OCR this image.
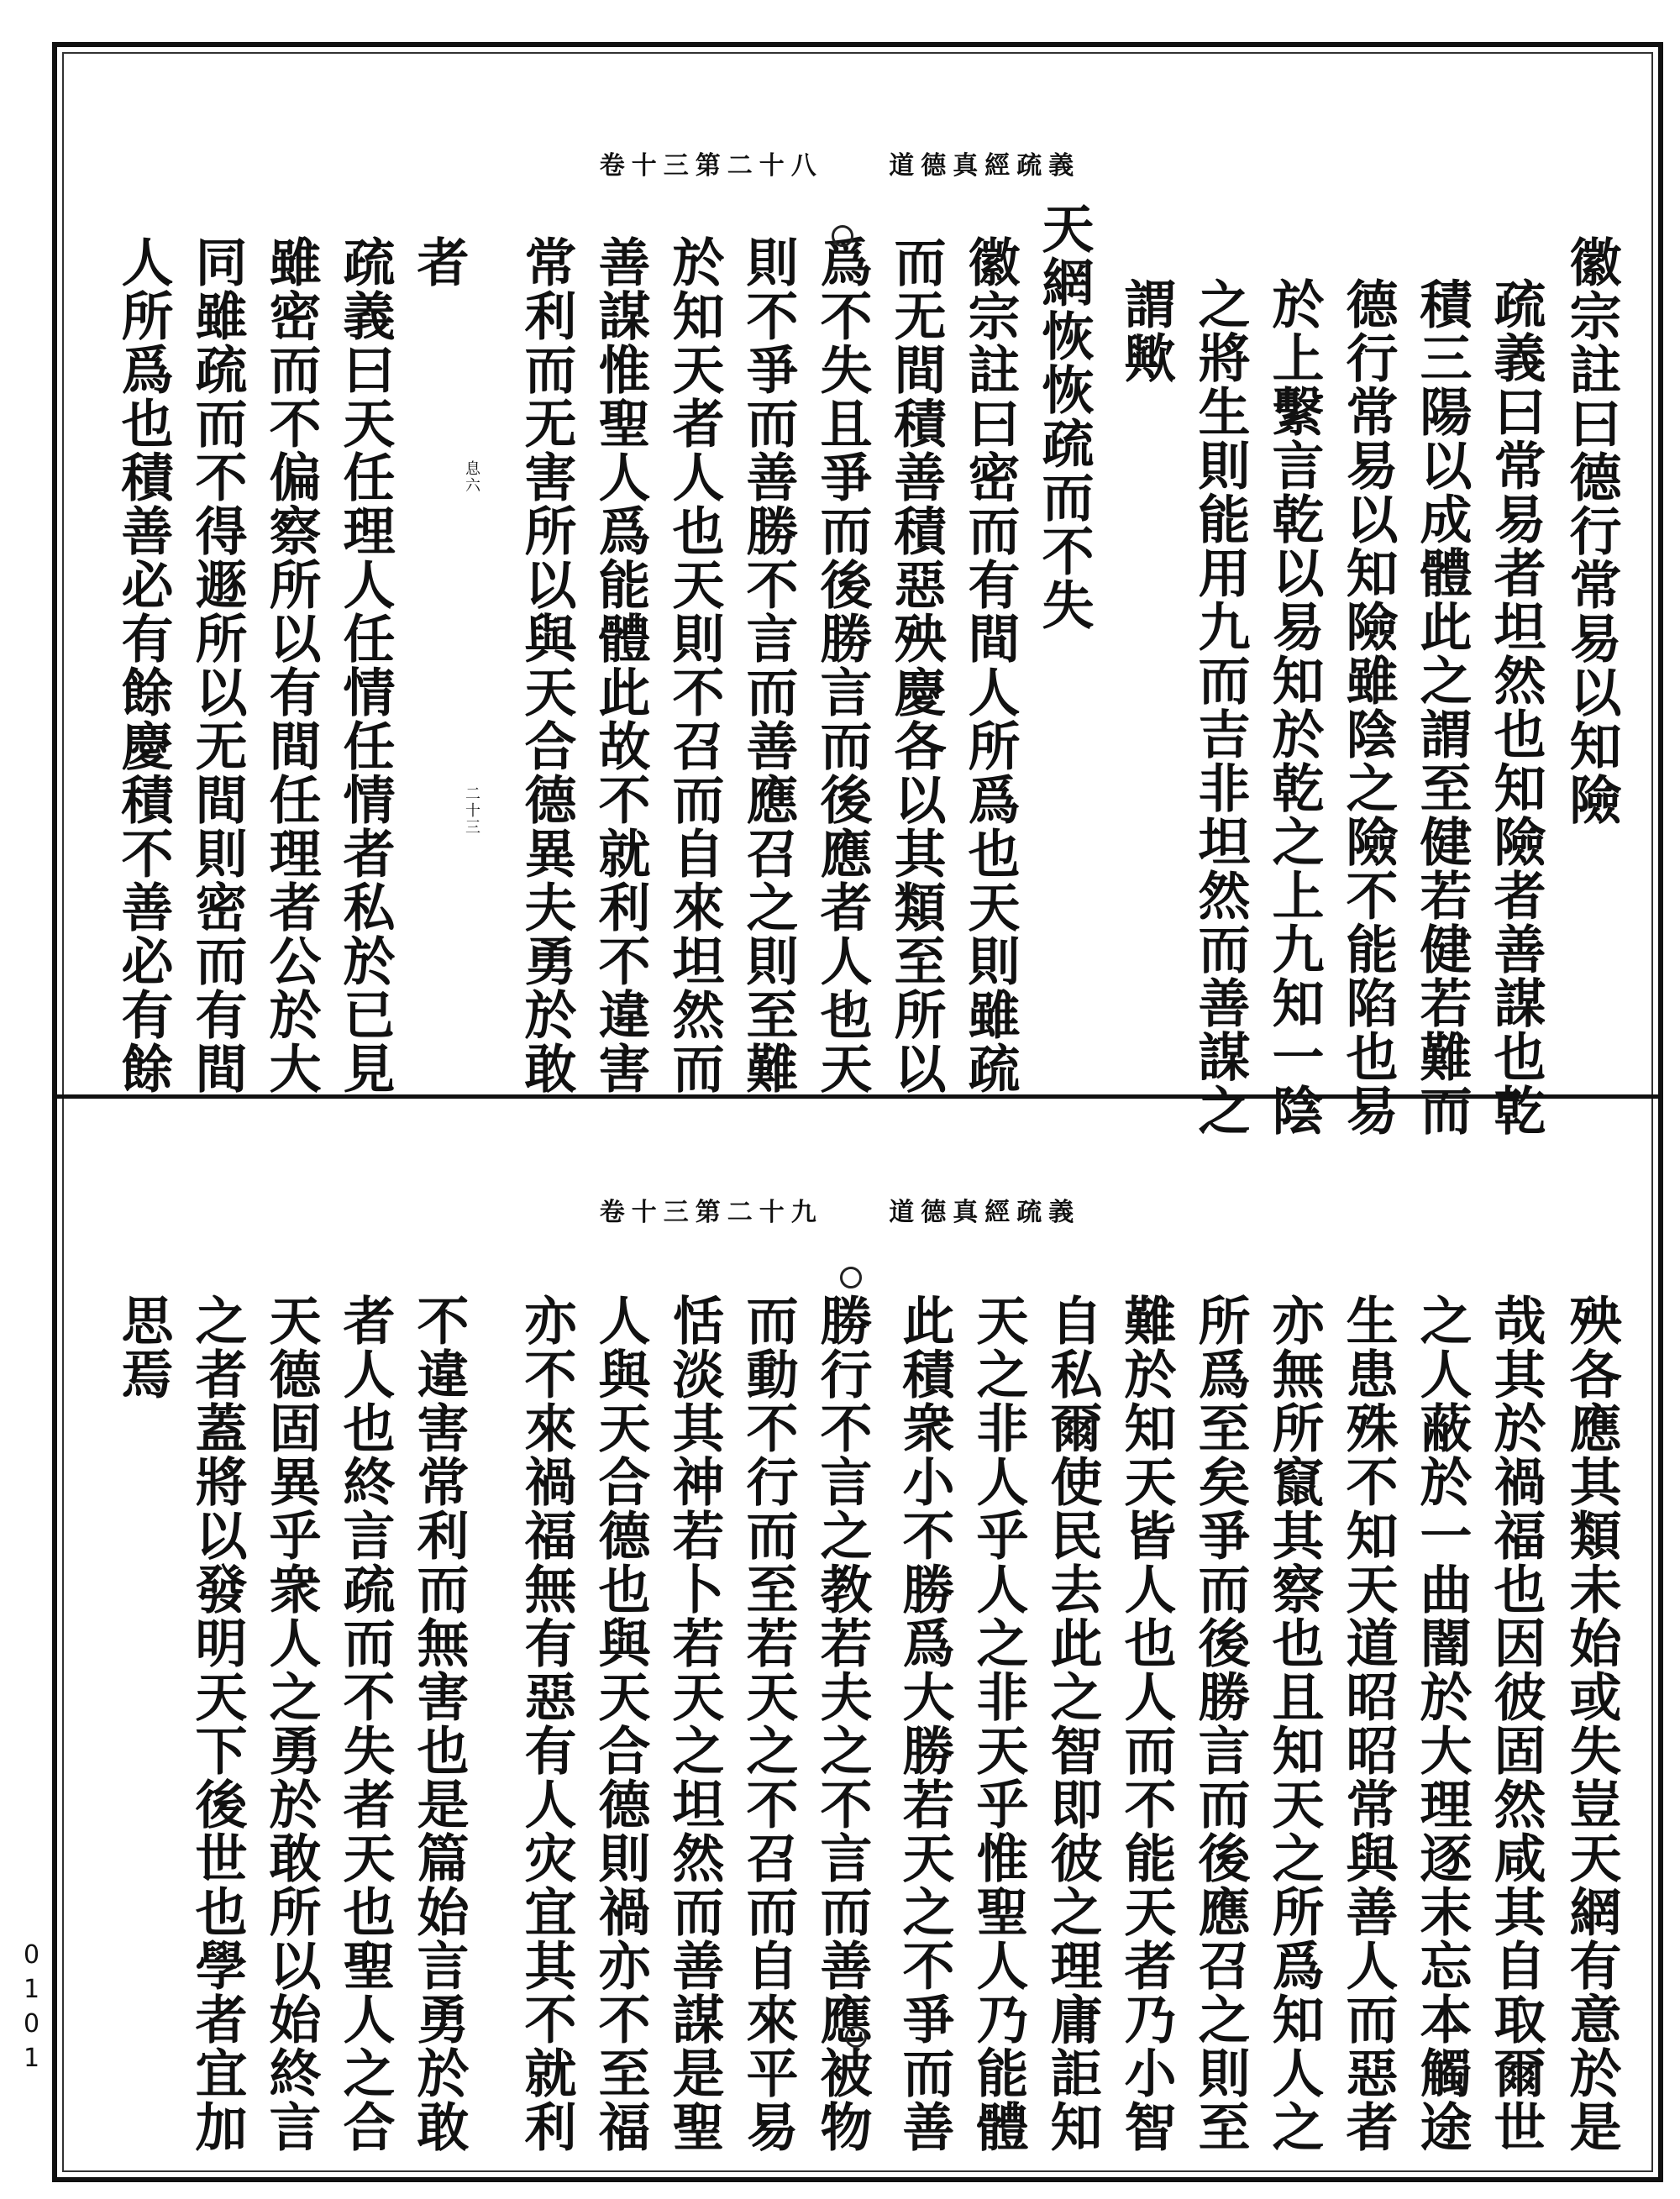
卷十三第二十八	道德真經疏義
徽宗註曰德行常易以知險
疏義曰常易者坦然也知險者善謀也乾
積三陽以成體此之謂至健若健若難而
德行常易以知險雖陰之險不能陷也易
於上繫言乾以易知於乾之上九知一陰
之將生則能用九而吉非坦然而善謀之
謂歟
天網恢恢疏而不失
徽宗註曰密而有間人所爲也天則雖疏
而无間積善積惡殃慶各以其類至所以
爲不失且爭而後勝言而後應者人也天
則不爭而善勝不言而善應召之則至難
於知天者人也天則不召而自來坦然而
善謀惟聖人爲能體此故不就利不違害
常利而无害所以與天合德異夫勇於敢
者
疏義曰天任理人任情任情者私於已見
雖密而不偏察所以有間任理者公於大
同雖疏而不得遯所以无間則密而有間
人所爲也積善必有餘慶積不善必有餘	息六
二十三
卷十三第二十九	道德真經疏義
殃各應其類未始或失豈天網有意於是
哉其於禍福也因彼固然咸其自取爾世
之人蔽於一曲闇於大理逐末忘本觸途
生患殊不知天道昭昭常與善人而惡者
亦無所竄其察也且知天之所爲知人之
所爲至矣爭而後勝言而後應召之則至
難於知天皆人也人而不能天者乃小智
自私爾使民去此之智即彼之理庸詎知
天之非人乎人之非天乎惟聖人乃能體
此積衆小不勝爲大勝若天之不爭而善
勝行不言之教若夫之不言而善應被物
而動不行而至若天之不召而自來平易
恬淡其神若卜若天之坦然而善謀是聖
人與天合德也與天合德則禍亦不至福
亦不來禍福無有惡有人灾宜其不就利
不違害常利而無害也是篇始言勇於敢
者人也終言疏而不失者天也聖人之合
天德固異乎衆人之勇於敢所以始終言
之者蓋將以發明天下後世也學者宜加
思焉
0101
